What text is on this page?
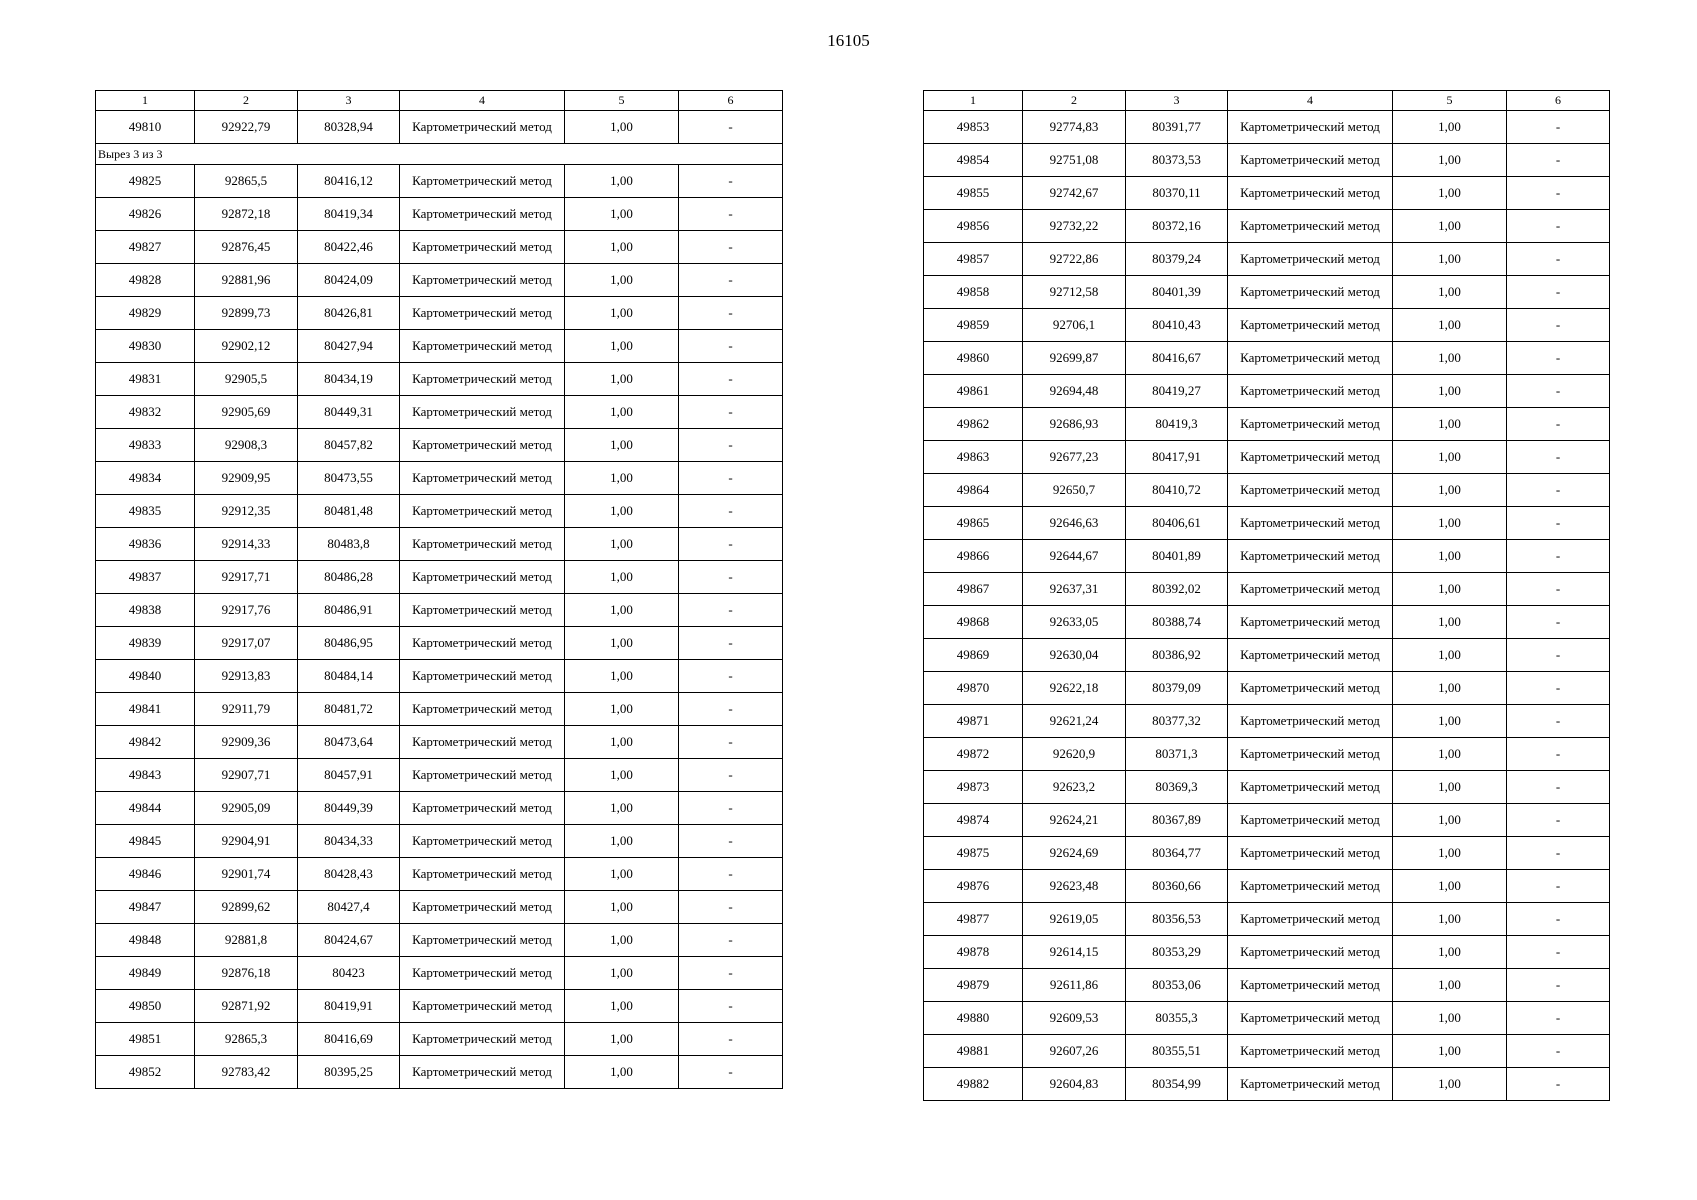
16105
1	2	3	4	5	6
49810	92922,79	80328,94	Картометрический метод	1,00	-
Вырез 3 из 3					
49825	92865,5	80416,12	Картометрический метод	1,00	-
49826	92872,18	80419,34	Картометрический метод	1,00	-
49827	92876,45	80422,46	Картометрический метод	1,00	-
49828	92881,96	80424,09	Картометрический метод	1,00	-
49829	92899,73	80426,81	Картометрический метод	1,00	-
49830	92902,12	80427,94	Картометрический метод	1,00	-
49831	92905,5	80434,19	Картометрический метод	1,00	-
49832	92905,69	80449,31	Картометрический метод	1,00	-
49833	92908,3	80457,82	Картометрический метод	1,00	-
49834	92909,95	80473,55	Картометрический метод	1,00	-
49835	92912,35	80481,48	Картометрический метод	1,00	-
49836	92914,33	80483,8	Картометрический метод	1,00	-
49837	92917,71	80486,28	Картометрический метод	1,00	-
49838	92917,76	80486,91	Картометрический метод	1,00	-
49839	92917,07	80486,95	Картометрический метод	1,00	-
49840	92913,83	80484,14	Картометрический метод	1,00	-
49841	92911,79	80481,72	Картометрический метод	1,00	-
49842	92909,36	80473,64	Картометрический метод	1,00	-
49843	92907,71	80457,91	Картометрический метод	1,00	-
49844	92905,09	80449,39	Картометрический метод	1,00	-
49845	92904,91	80434,33	Картометрический метод	1,00	-
49846	92901,74	80428,43	Картометрический метод	1,00	-
49847	92899,62	80427,4	Картометрический метод	1,00	-
49848	92881,8	80424,67	Картометрический метод	1,00	-
49849	92876,18	80423	Картометрический метод	1,00	-
49850	92871,92	80419,91	Картометрический метод	1,00	-
49851	92865,3	80416,69	Картометрический метод	1,00	-
49852	92783,42	80395,25	Картометрический метод	1,00	-
1	2	3	4	5	6
49853	92774,83	80391,77	Картометрический метод	1,00	-
49854	92751,08	80373,53	Картометрический метод	1,00	-
49855	92742,67	80370,11	Картометрический метод	1,00	-
49856	92732,22	80372,16	Картометрический метод	1,00	-
49857	92722,86	80379,24	Картометрический метод	1,00	-
49858	92712,58	80401,39	Картометрический метод	1,00	-
49859	92706,1	80410,43	Картометрический метод	1,00	-
49860	92699,87	80416,67	Картометрический метод	1,00	-
49861	92694,48	80419,27	Картометрический метод	1,00	-
49862	92686,93	80419,3	Картометрический метод	1,00	-
49863	92677,23	80417,91	Картометрический метод	1,00	-
49864	92650,7	80410,72	Картометрический метод	1,00	-
49865	92646,63	80406,61	Картометрический метод	1,00	-
49866	92644,67	80401,89	Картометрический метод	1,00	-
49867	92637,31	80392,02	Картометрический метод	1,00	-
49868	92633,05	80388,74	Картометрический метод	1,00	-
49869	92630,04	80386,92	Картометрический метод	1,00	-
49870	92622,18	80379,09	Картометрический метод	1,00	-
49871	92621,24	80377,32	Картометрический метод	1,00	-
49872	92620,9	80371,3	Картометрический метод	1,00	-
49873	92623,2	80369,3	Картометрический метод	1,00	-
49874	92624,21	80367,89	Картометрический метод	1,00	-
49875	92624,69	80364,77	Картометрический метод	1,00	-
49876	92623,48	80360,66	Картометрический метод	1,00	-
49877	92619,05	80356,53	Картометрический метод	1,00	-
49878	92614,15	80353,29	Картометрический метод	1,00	-
49879	92611,86	80353,06	Картометрический метод	1,00	-
49880	92609,53	80355,3	Картометрический метод	1,00	-
49881	92607,26	80355,51	Картометрический метод	1,00	-
49882	92604,83	80354,99	Картометрический метод	1,00	-
